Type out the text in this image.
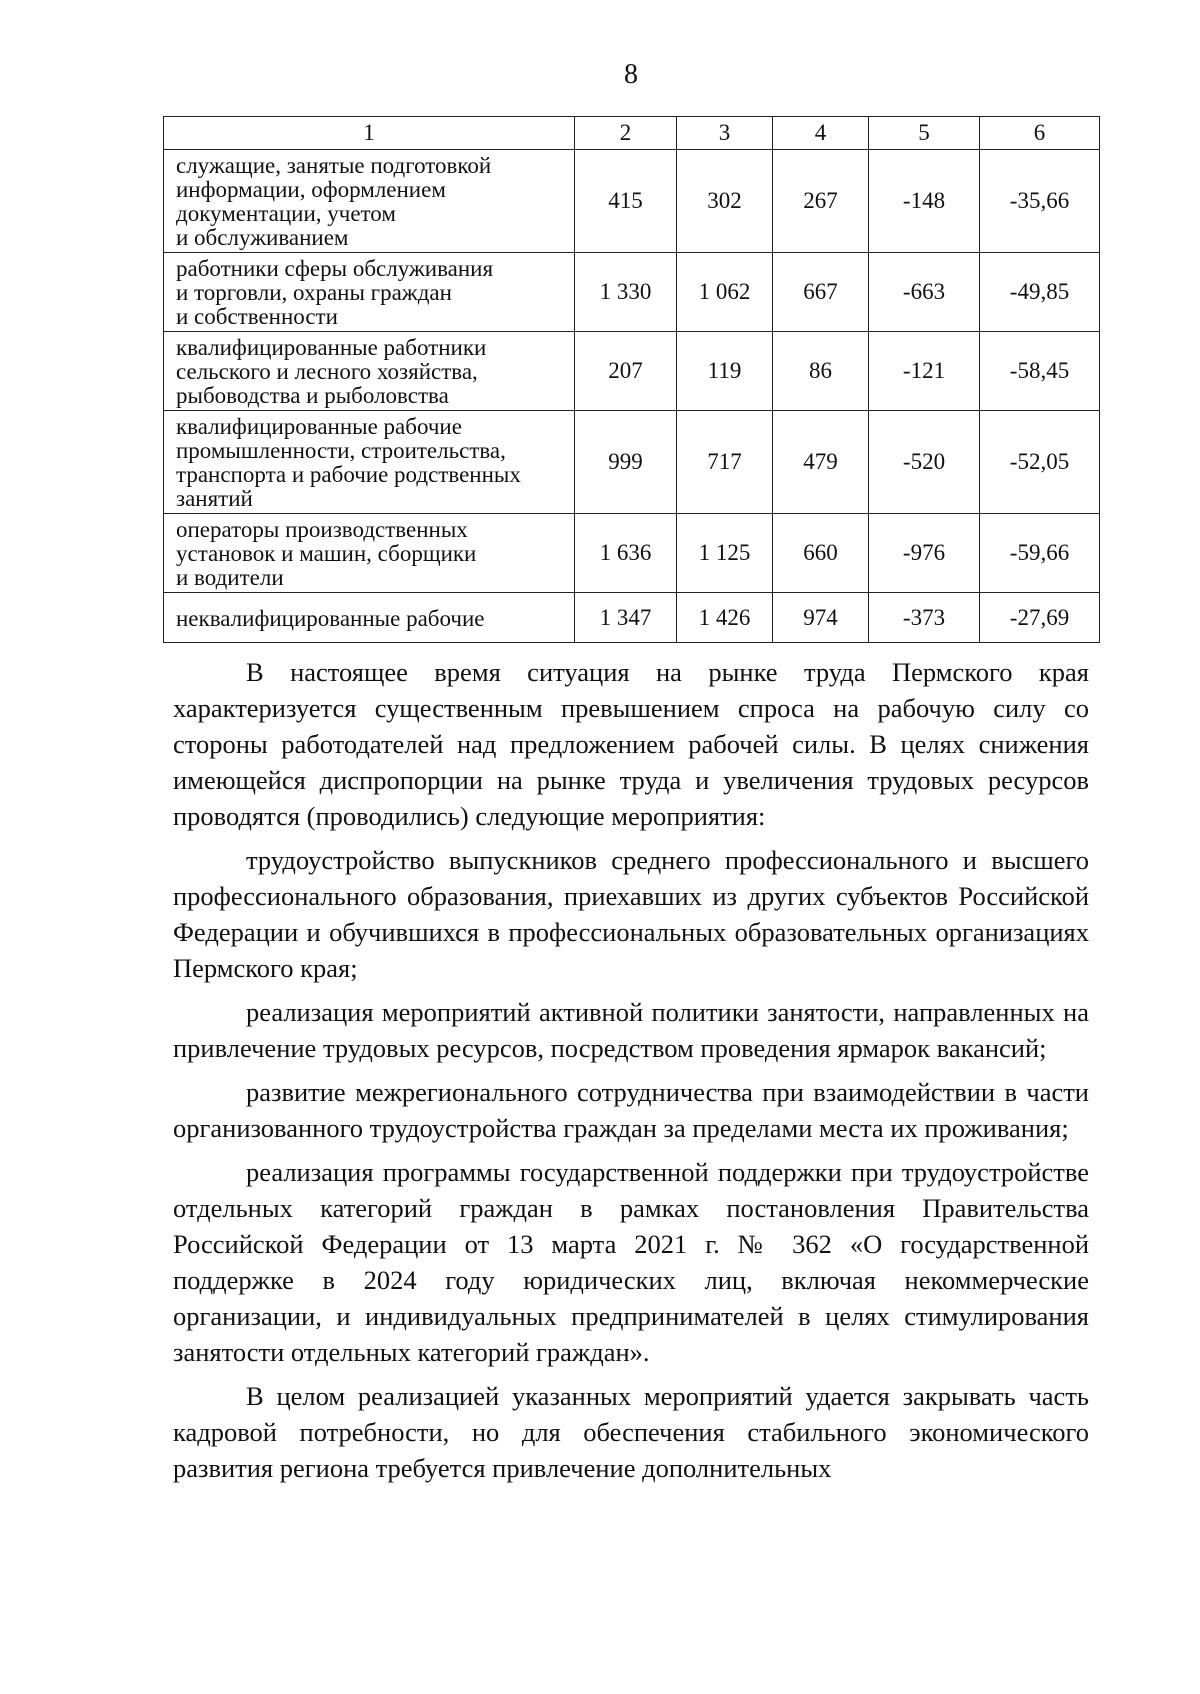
8
1	2	3	4	5	6
служащие, занятые подготовкой
информации, оформлением
документации, учетом
и обслуживанием	415	302	267	-148	-35,66
работники сферы обслуживания
и торговли, охраны граждан
и собственности	1 330	1 062	667	-663	-49,85
квалифицированные работники
сельского и лесного хозяйства,
рыбоводства и рыболовства	207	119	86	-121	-58,45
квалифицированные рабочие
промышленности, строительства,
транспорта и рабочие родственных
занятий	999	717	479	-520	-52,05
операторы производственных
установок и машин, сборщики
и водители	1 636	1 125	660	-976	-59,66
неквалифицированные рабочие	1 347	1 426	974	-373	-27,69

В настоящее время ситуация на рынке труда Пермского края характеризуется существенным превышением спроса на рабочую силу со стороны работодателей над предложением рабочей силы. В целях снижения имеющейся диспропорции на рынке труда и увеличения трудовых ресурсов проводятся (проводились) следующие мероприятия:

трудоустройство выпускников среднего профессионального и высшего профессионального образования, приехавших из других субъектов Российской Федерации и обучившихся в профессиональных образовательных организациях Пермского края;

реализация мероприятий активной политики занятости, направленных на привлечение трудовых ресурсов, посредством проведения ярмарок вакансий;

развитие межрегионального сотрудничества при взаимодействии в части организованного трудоустройства граждан за пределами места их проживания;

реализация программы государственной поддержки при трудоустройстве отдельных категорий граждан в рамках постановления Правительства Российской Федерации от 13 марта 2021 г. № 362 «О государственной поддержке в 2024 году юридических лиц, включая некоммерческие организации, и индивидуальных предпринимателей в целях стимулирования занятости отдельных категорий граждан».

В целом реализацией указанных мероприятий удается закрывать часть кадровой потребности, но для обеспечения стабильного экономического развития региона требуется привлечение дополнительных
